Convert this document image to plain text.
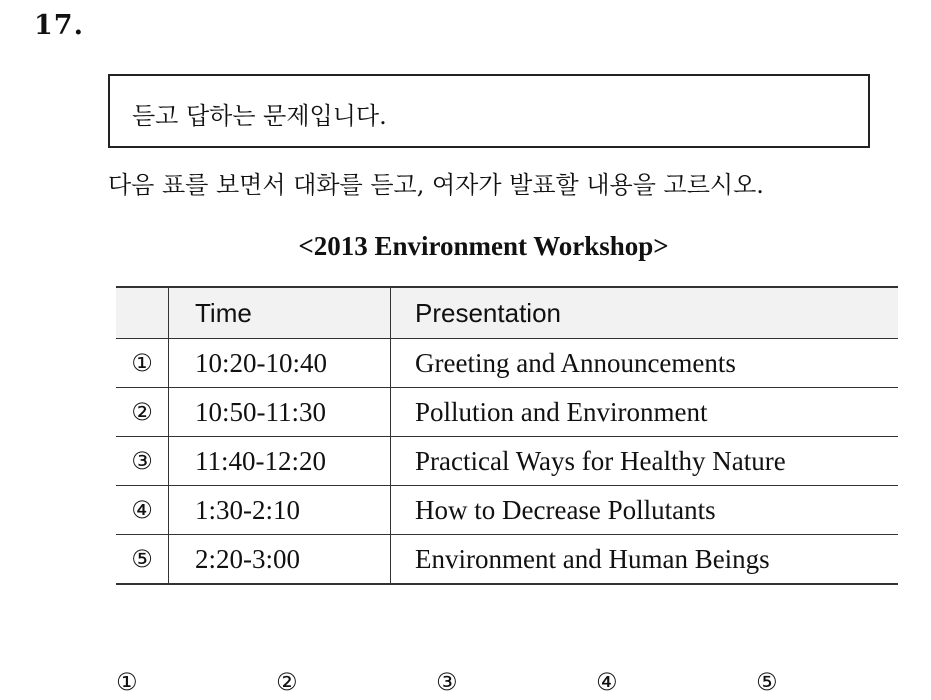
17.
듣고 답하는 문제입니다.
다음 표를 보면서 대화를 듣고, 여자가 발표할 내용을 고르시오.
<2013 Environment Workshop>
	Time	Presentation
①	10:20-10:40	Greeting and Announcements
②	10:50-11:30	Pollution and Environment
③	11:40-12:20	Practical Ways for Healthy Nature
④	1:30-2:10	How to Decrease Pollutants
⑤	2:20-3:00	Environment and Human Beings
①	②	③	④	⑤
